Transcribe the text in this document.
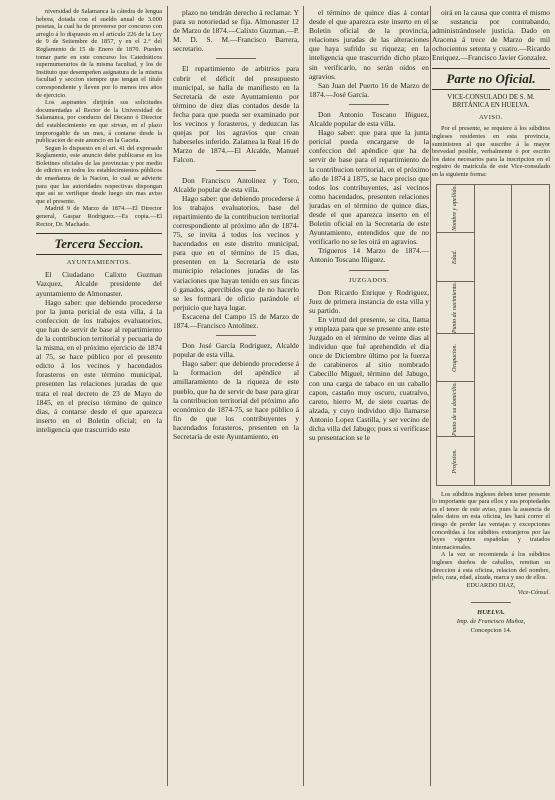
niversidad de Salamanca la cátedra de lengua hebrea, dotada con el sueldo anual de 3.000 pesetas, la cual ha de proveerse por concurso con arreglo á lo dispuesto en el artículo 226 de la Ley de 9 de Setiembre de 1857, y en el 2.° del Reglamento de 15 de Enero de 1870. Pueden tomar parte en este concurso los Catedráticos supernumerarios de la misma facultad, y los de Instituto que desempeñen asignatura de la misma facultad y seccion siempre que tengan el título correspondiente y lleven por lo menos tres años de ejercicio.

Los aspirantes dirijirán sus solicitudes documentadas al Rector de la Universidad de Salamanca, por conducto del Decano ó Director del establecimiento en que sirvan, en el plazo improrogable de un mes, á contarse desde la publicacion de este anuncio en la Gaceta.

Segun lo dispuesto en el art. 41 del expresado Reglamento, este anuncio debe publicarse en los Boletines oficiales de las provincias y por medio de edictos en todos los establecimientos públicos de enseñanza de la Nacion, lo cual se advierte para que las autoridades respectivas dispongan que así se verifique desde luego sin mas aviso que el presente.

Madrid 9 de Marzo de 1874.—El Director general, Gaspar Rodriguez.—Es copia.—El Rector, Dr. Machado.

Tercera Seccion.
AYUNTAMIENTOS.

El Ciudadano Calixto Guzman Vazquez, Alcalde presidente del ayuntamiento de Almonaster.

Hago saber: que debiendo procederse por la junta pericial de esta villa, á la confeccion de los trabajos evaluatorios, que han de servir de base al repartimiento de la contribucion territorial y pecuaria de la misma, en el próximo ejercicio de 1874 al 75, se hace público por el presente edicto á los vecinos y hacendados forasteros en este término municipal, presenten las relaciones juradas de que trata el real decreto de 23 de Mayo de 1845, en el preciso término de quince dias, á contarse desde el que aparezca inserto en el Boletin oficial; en la inteligencia que trascurrido este

plazo no tendrán derecho á reclamar. Y para su notoriedad se fija. Almonaster 12 de Marzo de 1874.—Calixto Guzman.—P. M. D. S. M.—Francisco Barrera, secretario.

El repartimiento de arbitrios para cubrir el déficit del presupuesto municipal, se halla de manifiesto en la Secretaría de este Ayuntamiento por término de diez dias contados desde la fecha para que pueda ser examinado por los vecinos y forasteros, y deduzcan las quejas por los agravios que crean haberseles inferido. Zalamea la Real 16 de Marzo de 1874.—El Alcalde, Manuel Falcon.

Don Francisco Antolinez y Toro, Alcalde popular de esta villa.

Hago saber: que debiendo procederse á los trabajos evaluatorios, base del repartimiento de la contribucion territorial correspondiente al próximo año de 1874-75, se invita á todos los vecinos y hacendados en este distrito municipal, para que en el término de 15 dias, presenten en la Secretaría de este municipio relaciones juradas de las variaciones que hayan tenido en sus fincas ó ganados, apercibidos que de no hacerlo se les formará de oficio parándole el perjuicio que haya lugar.

Escacena del Campo 15 de Marzo de 1874.—Francisco Antolinez.

Don José García Rodriguez, Alcalde popular de esta villa.

Hago saber: que debiendo procederse á la formacion del apéndice al amillaramiento de la riqueza de este pueblo, que ha de servir de base para girar la contribucion territorial del próximo año económico de 1874-75, se hace público á fin de que los contribuyentes y hacendados forasteros, presenten en la Secretaría de este Ayuntamiento, en

el término de quince dias á contar desde el que aparezca este inserto en el Boletin oficial de la provincia, relaciones juradas de las alteraciones que haya sufrido su riqueza; en la inteligencia que trascurrido dicho plazo sin verificarlo, no serán oidos en agravios.

San Juan del Puerto 16 de Marzo de 1874.—José García.

Don Antonio Toscano Iñiguez, Alcalde popular de esta villa.

Hago saber: que para que la junta pericial pueda encargarse de la confeccion del apéndice que ha de servir de base para el repartimiento de la contribucion territorial, en el próximo año de 1874 á 1875, se hace preciso que todos los contribuyentes, así vecinos como hacendados, presenten relaciones juradas en el término de quince dias, desde el que aparezca inserto en el Boletin oficial en la Secretaría de este Ayuntamiento, entendidos que de no verificarlo no se les oirá en agravios.

Trigueros 14 Marzo de 1874.—Antonio Toscano Iñiguez.

JUZGADOS.

Don Ricardo Enrique y Rodriguez, Juez de primera instancia de esta villa y su partido.

En virtud del presente, se cita, llama y emplaza para que se presente ante este Juzgado en el término de veinte dias al individuo que fué aprehendido el dia once de Diciembre último por la fuerza de carabineros al sitio nombrado Cabecillo Miguel, término del Jabugo, con una carga de tabaco en un caballo capon, castaño muy oscuro, cuatralvo, careto, hierro M, de siete cuartas de alzada, y cuyo individuo dijo llamarse Antonio Lopez Castilla, y ser vecino de dicha villa del Jabugo; pues si verifícase su presentacion se le

oirá en la causa que contra el mismo se sustancia por contrabando, administrándosele justicia. Dado en Aracena á trece de Marzo de mil ochocientos setenta y cuatro.—Ricardo Enriquez.—Francisco Javier Gonzalez.

Parte no Oficial.
VICE-CONSULADO DE S. M. BRITÁNICA EN HUELVA.
AVISO.

Por el presente, se requiere á los súbditos ingleses residentes en esta provincia, suministren al que suscribe á la mayor brevedad posible, verbalmente ó por escrito los datos necesarios para la inscripcion en el registro de matrícula de este Vice-consulado en la siguiente forma:

Nombre y apellido.
Edad.
Punto de nacimiento.
Ocupacion.
Punto de su domicilio.
Profesion.

Los súbditos ingleses deben tener presente lo importante que para ellos y sus propiedades es el tenor de este aviso, pues la ausencia de tales datos en esta oficina, les hará correr el riesgo de perder las ventajas y excepciones concedidas á los súbditos extranjeros por las leyes vigentes españolas y tratados internacionales.

A la vez se recomienda á los súbditos ingleses dueños de caballos, remitan su direccion á esta oficina, relacion del nombre, pelo, raza, edad, alzada, marca y uso de ellos.

EDUARDO DIAZ,

Vice-Cónsul.

HUELVA.
Imp. de Francisco Muñoz,
Concepcion 14.
